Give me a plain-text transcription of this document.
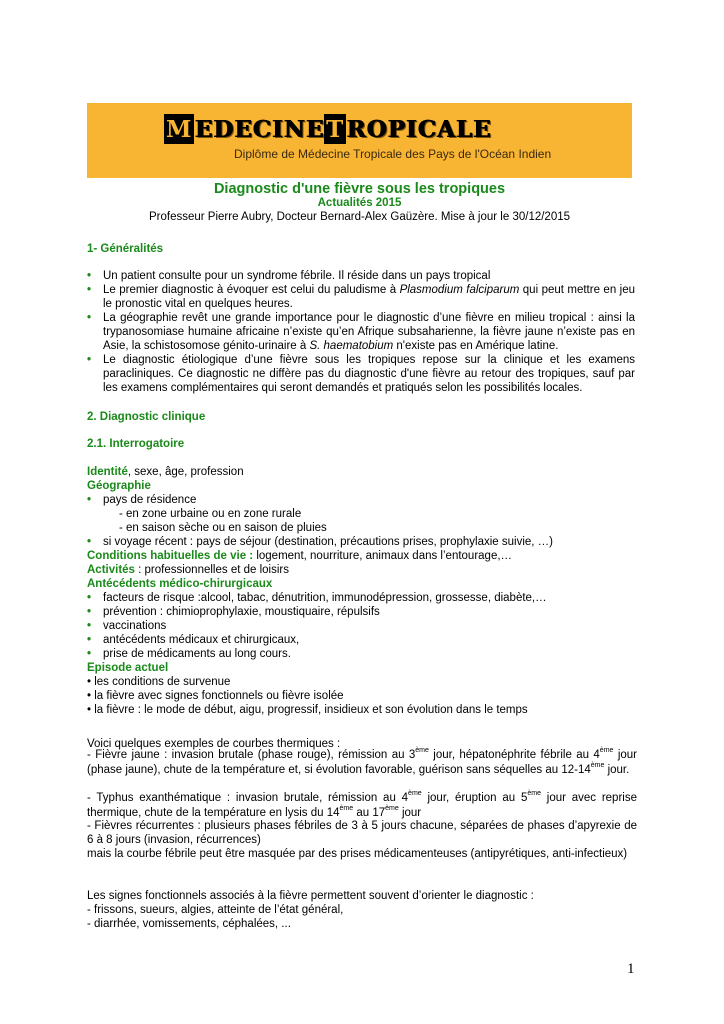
M EDECINE T ROPICALE
Diplôme de Médecine Tropicale des Pays de l'Océan Indien
Diagnostic d'une fièvre sous les tropiques
Actualités 2015
Professeur Pierre Aubry, Docteur Bernard-Alex Gaüzère. Mise à jour le 30/12/2015
1- Généralités
• Un patient consulte pour un syndrome fébrile. Il réside dans un pays tropical
• Le premier diagnostic à évoquer est celui du paludisme à Plasmodium falciparum qui peut mettre en jeu le pronostic vital en quelques heures.
• La géographie revêt une grande importance pour le diagnostic d’une fièvre en milieu tropical : ainsi la trypanosomiase humaine africaine n’existe qu’en Afrique subsaharienne, la fièvre jaune n’existe pas en Asie, la schistosomose génito-urinaire à S. haematobium n'existe pas en Amérique latine.
• Le diagnostic étiologique d’une fièvre sous les tropiques repose sur la clinique et les examens paracliniques. Ce diagnostic ne diffère pas du diagnostic d'une fièvre au retour des tropiques, sauf par les examens complémentaires qui seront demandés et pratiqués selon les possibilités locales.
2. Diagnostic clinique
2.1. Interrogatoire
Identité, sexe, âge, profession
Géographie
• pays de résidence
- en zone urbaine ou en zone rurale
- en saison sèche ou en saison de pluies
• si voyage récent : pays de séjour (destination, précautions prises, prophylaxie suivie, …)
Conditions habituelles de vie : logement, nourriture, animaux dans l’entourage,…
Activités : professionnelles et de loisirs
Antécédents médico-chirurgicaux
• facteurs de risque :alcool, tabac, dénutrition, immunodépression, grossesse, diabète,…
• prévention : chimioprophylaxie, moustiquaire, répulsifs
• vaccinations
• antécédents médicaux et chirurgicaux,
• prise de médicaments au long cours.
Episode actuel
• les conditions de survenue
• la fièvre avec signes fonctionnels ou fièvre isolée
• la fièvre : le mode de début, aigu, progressif, insidieux et son évolution dans le temps
Voici quelques exemples de courbes thermiques :
- Fièvre jaune : invasion brutale (phase rouge), rémission au 3ème jour, hépatonéphrite fébrile au 4ème jour (phase jaune), chute de la température et, si évolution favorable, guérison sans séquelles au 12-14ème jour.
- Typhus exanthématique : invasion brutale, rémission au 4ème jour, éruption au 5ème jour avec reprise thermique, chute de la température en lysis du 14ème au 17ème jour
- Fièvres récurrentes : plusieurs phases fébriles de 3 à 5 jours chacune, séparées de phases d’apyrexie de 6 à 8 jours (invasion, récurrences)
mais la courbe fébrile peut être masquée par des prises médicamenteuses (antipyrétiques, anti-infectieux)
Les signes fonctionnels associés à la fièvre permettent souvent d’orienter le diagnostic :
- frissons, sueurs, algies, atteinte de l’état général,
- diarrhée, vomissements, céphalées, ...
1
